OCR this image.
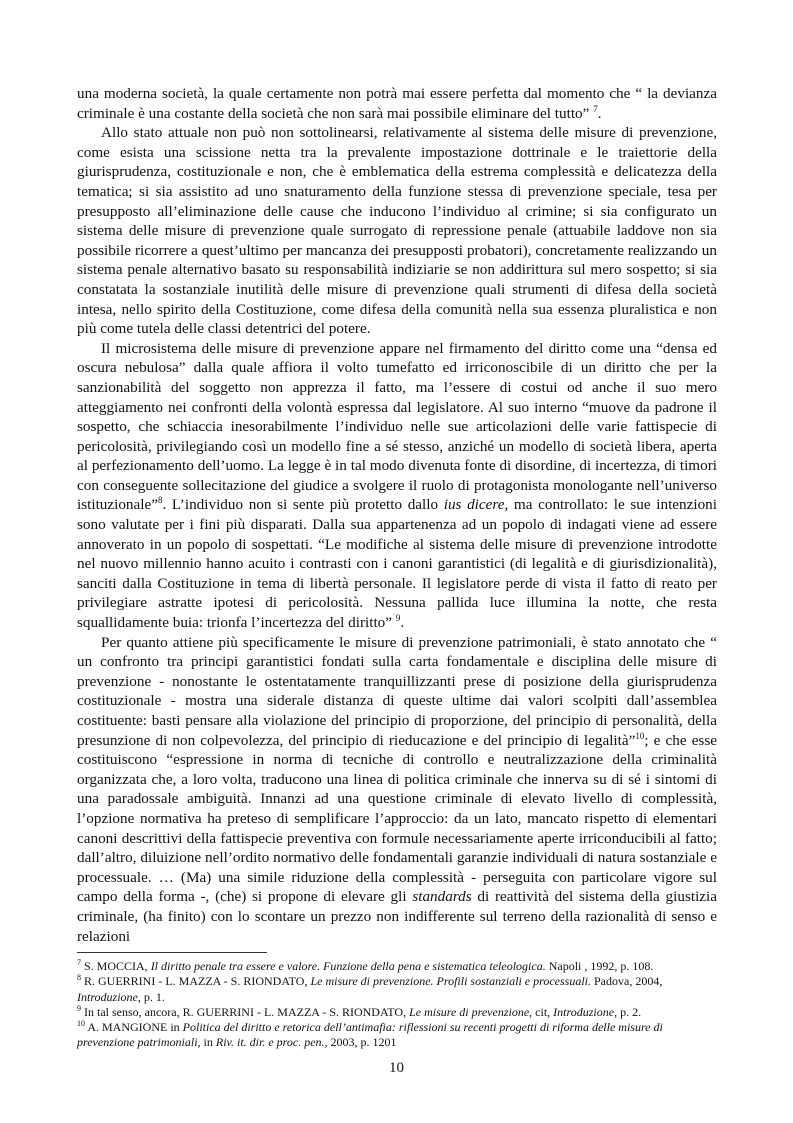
una moderna società, la quale certamente non potrà mai essere perfetta dal momento che “ la devianza criminale è una costante della società che non sarà mai possibile eliminare del tutto” $^7$.

Allo stato attuale non può non sottolinearsi, relativamente al sistema delle misure di prevenzione, come esista una scissione netta tra la prevalente impostazione dottrinale e le traiettorie della giurisprudenza, costituzionale e non, che è emblematica della estrema complessità e delicatezza della tematica; si sia assistito ad uno snaturamento della funzione stessa di prevenzione speciale, tesa per presupposto all’eliminazione delle cause che inducono l’individuo al crimine; si sia configurato un sistema delle misure di prevenzione quale surrogato di repressione penale (attuabile laddove non sia possibile ricorrere a quest’ultimo per mancanza dei presupposti probatori), concretamente realizzando un sistema penale alternativo basato su responsabilità indiziarie se non addirittura sul mero sospetto; si sia constatata la sostanziale inutilità delle misure di prevenzione quali strumenti di difesa della società intesa, nello spirito della Costituzione, come difesa della comunità nella sua essenza pluralistica e non più come tutela delle classi detentrici del potere.

Il microsistema delle misure di prevenzione appare nel firmamento del diritto come una “densa ed oscura nebulosa” dalla quale affiora il volto tumefatto ed irriconoscibile di un diritto che per la sanzionabilità del soggetto non apprezza il fatto, ma l’essere di costui od anche il suo mero atteggiamento nei confronti della volontà espressa dal legislatore. Al suo interno “muove da padrone il sospetto, che schiaccia inesorabilmente l’individuo nelle sue articolazioni delle varie fattispecie di pericolosità, privilegiando così un modello fine a sé stesso, anziché un modello di società libera, aperta al perfezionamento dell’uomo. La legge è in tal modo divenuta fonte di disordine, di incertezza, di timori con conseguente sollecitazione del giudice a svolgere il ruolo di protagonista monologante nell’universo istituzionale”$^8$. L’individuo non si sente più protetto dallo ius dicere, ma controllato: le sue intenzioni sono valutate per i fini più disparati. Dalla sua appartenenza ad un popolo di indagati viene ad essere annoverato in un popolo di sospettati. “Le modifiche al sistema delle misure di prevenzione introdotte nel nuovo millennio hanno acuito i contrasti con i canoni garantistici (di legalità e di giurisdizionalità), sanciti dalla Costituzione in tema di libertà personale. Il legislatore perde di vista il fatto di reato per privilegiare astratte ipotesi di pericolosità. Nessuna pallida luce illumina la notte, che resta squallidamente buia: trionfa l’incertezza del diritto” $^9$.

Per quanto attiene più specificamente le misure di prevenzione patrimoniali, è stato annotato che “ un confronto tra principi garantistici fondati sulla carta fondamentale e disciplina delle misure di prevenzione - nonostante le ostentatamente tranquillizzanti prese di posizione della giurisprudenza costituzionale - mostra una siderale distanza di queste ultime dai valori scolpiti dall’assemblea costituente: basti pensare alla violazione del principio di proporzione, del principio di personalità, della presunzione di non colpevolezza, del principio di rieducazione e del principio di legalità”$^{10}$; e che esse costituiscono “espressione in norma di tecniche di controllo e neutralizzazione della criminalità organizzata che, a loro volta, traducono una linea di politica criminale che innerva su di sé i sintomi di una paradossale ambiguità. Innanzi ad una questione criminale di elevato livello di complessità, l’opzione normativa ha preteso di semplificare l’approccio: da un lato, mancato rispetto di elementari canoni descrittivi della fattispecie preventiva con formule necessariamente aperte irriconducibili al fatto; dall’altro, diluizione nell’ordito normativo delle fondamentali garanzie individuali di natura sostanziale e processuale. … (Ma) una simile riduzione della complessità - perseguita con particolare vigore sul campo della forma -, (che) si propone di elevare gli standards di reattività del sistema della giustizia criminale, (ha finito) con lo scontare un prezzo non indifferente sul terreno della razionalità di senso e relazioni

$^7$ S. MOCCIA, Il diritto penale tra essere e valore. Funzione della pena e sistematica teleologica. Napoli , 1992, p. 108.

$^8$ R. GUERRINI - L. MAZZA - S. RIONDATO, Le misure di prevenzione. Profili sostanziali e processuali. Padova, 2004, Introduzione, p. 1.

$^9$ In tal senso, ancora, R. GUERRINI - L. MAZZA - S. RIONDATO, Le misure di prevenzione, cit, Introduzione, p. 2.

$^{10}$ A. MANGIONE in Politica del diritto e retorica dell’antimafia: riflessioni su recenti progetti di riforma delle misure di prevenzione patrimoniali, in Riv. it. dir. e proc. pen., 2003, p. 1201

10
